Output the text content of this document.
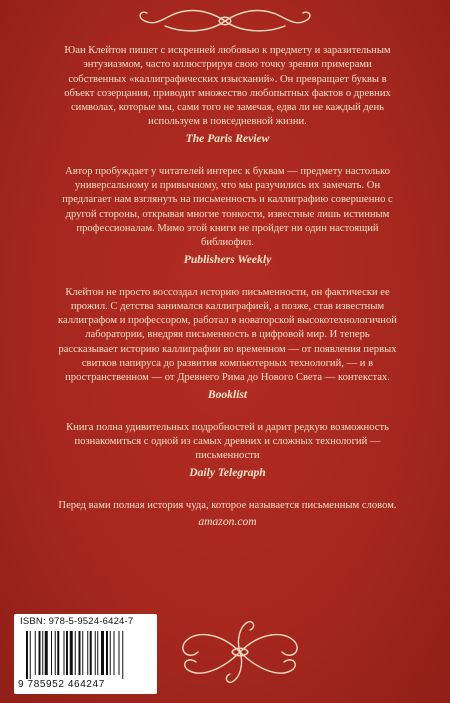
Юан Клейтон пишет с искренней любовью к предмету и заразительным энтузиазмом, часто иллюстрируя свою точку зрения примерами собственных «каллиграфических изысканий». Он превращает буквы в объект созерцания, приводит множество любопытных фактов о древних символах, которые мы, сами того не замечая, едва ли не каждый день используем в повседневной жизни.

The Paris Review

Автор пробуждает у читателей интерес к буквам — предмету настолько универсальному и привычному, что мы разучились их замечать. Он предлагает нам взглянуть на письменность и каллиграфию совершенно с другой стороны, открывая многие тонкости, известные лишь истинным профессионалам. Мимо этой книги не пройдет ни один настоящий библиофил.

Publishers Weekly

Клейтон не просто воссоздал историю письменности, он фактически ее прожил. С детства занимался каллиграфией, а позже, став известным каллиграфом и профессором, работал в новаторской высокотехнологичной лаборатории, внедряя письменность в цифровой мир. И теперь рассказывает историю каллиграфии во временном — от появления первых свитков папируса до развития компьютерных технологий, — и в пространственном — от Древнего Рима до Нового Света — контекстах.

Booklist

Книга полна удивительных подробностей и дарит редкую возможность познакомиться с одной из самых древних и сложных технологий — письменности

Daily Telegraph

Перед вами полная история чуда, которое называется письменным словом.

amazon.com

ISBN: 978-5-9524-6424-7
9 785952 464247
